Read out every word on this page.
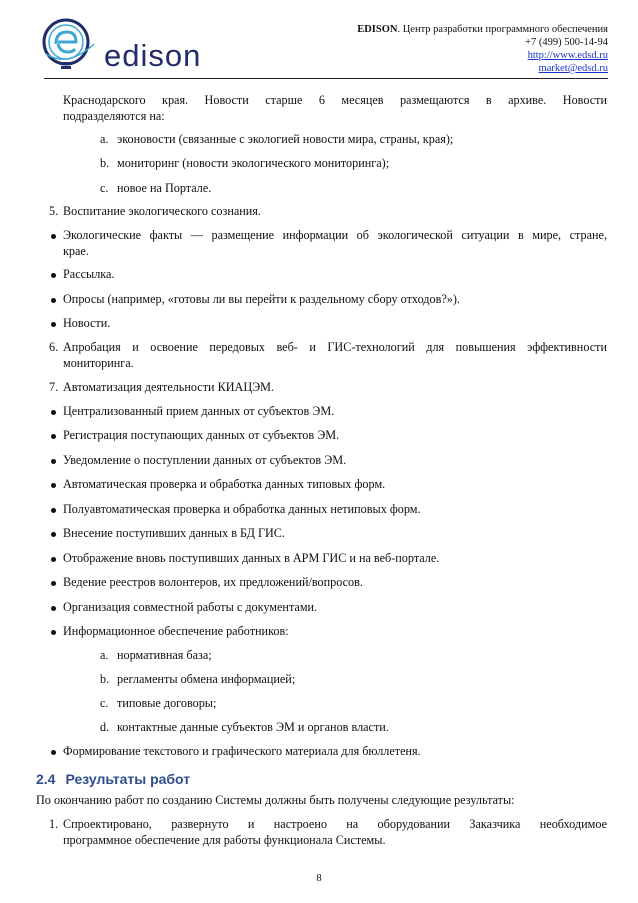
edison
EDISON. Центр разработки программного обеспечения
+7 (499) 500-14-94
http://www.edsd.ru
market@edsd.ru
Краснодарского края. Новости старше 6 месяцев размещаются в архиве. Новости
подразделяются на:
a. эконовости (связанные с экологией новости мира, страны, края);
b. мониторинг (новости экологического мониторинга);
c. новое на Портале.
5. Воспитание экологического сознания.
Экологические факты — размещение информации об экологической ситуации в мире, стране,
крае.
Рассылка.
Опросы (например, «готовы ли вы перейти к раздельному сбору отходов?»).
Новости.
6. Апробация и освоение передовых веб- и ГИС-технологий для повышения эффективности
мониторинга.
7. Автоматизация деятельности КИАЦЭМ.
Централизованный прием данных от субъектов ЭМ.
Регистрация поступающих данных от субъектов ЭМ.
Уведомление о поступлении данных от субъектов ЭМ.
Автоматическая проверка и обработка данных типовых форм.
Полуавтоматическая проверка и обработка данных нетиповых форм.
Внесение поступивших данных в БД ГИС.
Отображение вновь поступивших данных в АРМ ГИС и на веб-портале.
Ведение реестров волонтеров, их предложений/вопросов.
Организация совместной работы с документами.
Информационное обеспечение работников:
a. нормативная база;
b. регламенты обмена информацией;
c. типовые договоры;
d. контактные данные субъектов ЭМ и органов власти.
Формирование текстового и графического материала для бюллетеня.
2.4 Результаты работ
По окончанию работ по созданию Системы должны быть получены следующие результаты:
1. Спроектировано, развернуто и настроено на оборудовании Заказчика необходимое
программное обеспечение для работы функционала Системы.
8
